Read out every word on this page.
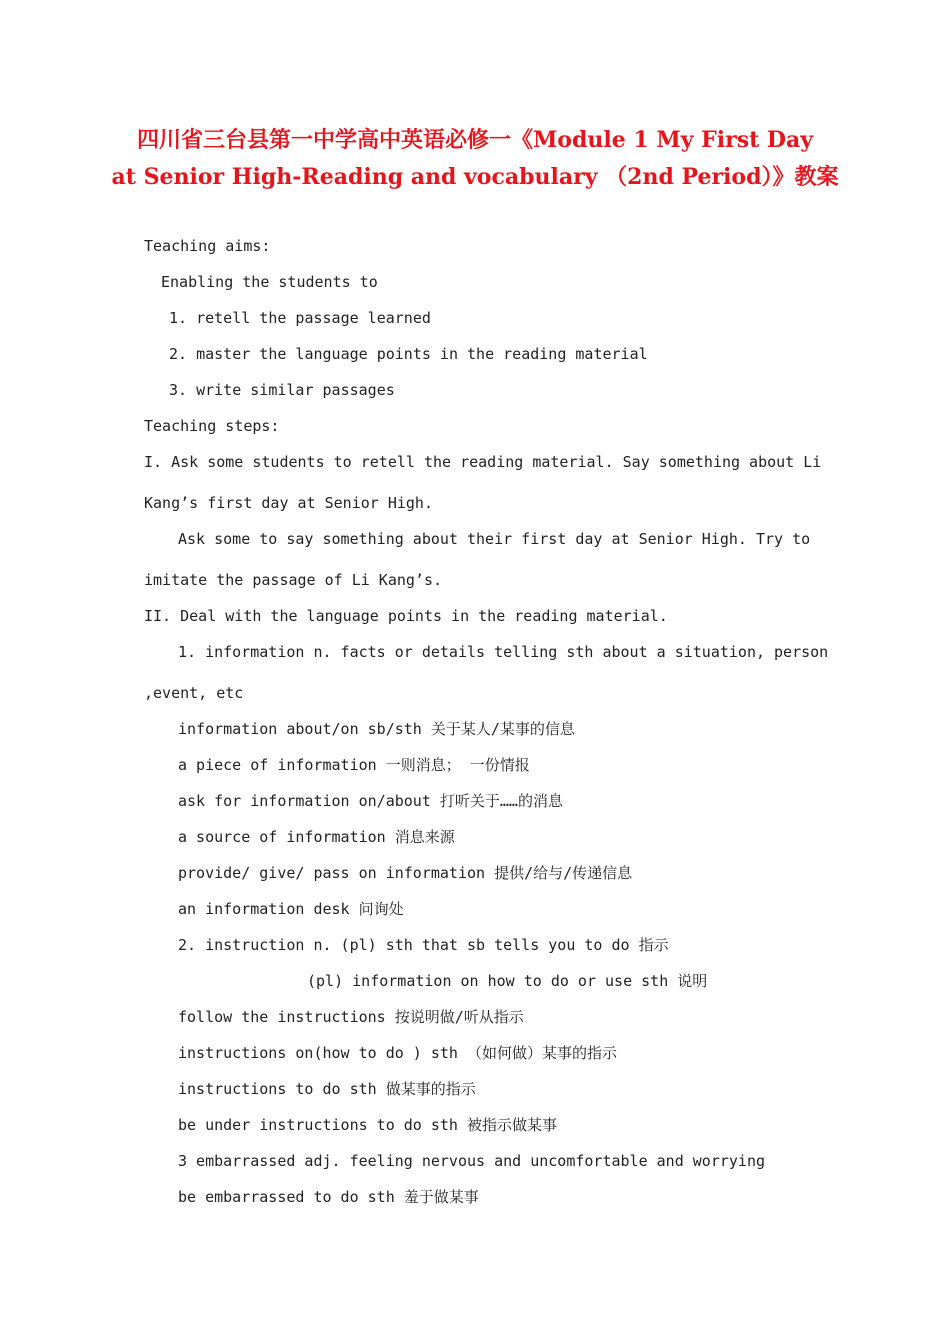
四川省三台县第一中学高中英语必修一《Module 1 My First Day
at Senior High-Reading and vocabulary （2nd Period）》教案
Teaching aims:
Enabling the students to
1. retell the passage learned
2. master the language points in the reading material
3. write similar passages
Teaching steps:
I. Ask some students to retell the reading material. Say something about Li
Kang’s first day at Senior High.
Ask some to say something about their first day at Senior High. Try to
imitate the passage of Li Kang’s.
II. Deal with the language points in the reading material.
1. information n. facts or details telling sth about a situation, person
,event, etc
information about/on sb/sth 关于某人/某事的信息
a piece of information 一则消息； 一份情报
ask for information on/about 打听关于……的消息
a source of information 消息来源
provide/ give/ pass on information 提供/给与/传递信息
an information desk 问询处
2. instruction n. (pl) sth that sb tells you to do 指示
(pl) information on how to do or use sth 说明
follow the instructions 按说明做/听从指示
instructions on(how to do ) sth （如何做）某事的指示
instructions to do sth 做某事的指示
be under instructions to do sth 被指示做某事
3 embarrassed adj. feeling nervous and uncomfortable and worrying
be embarrassed to do sth 羞于做某事
